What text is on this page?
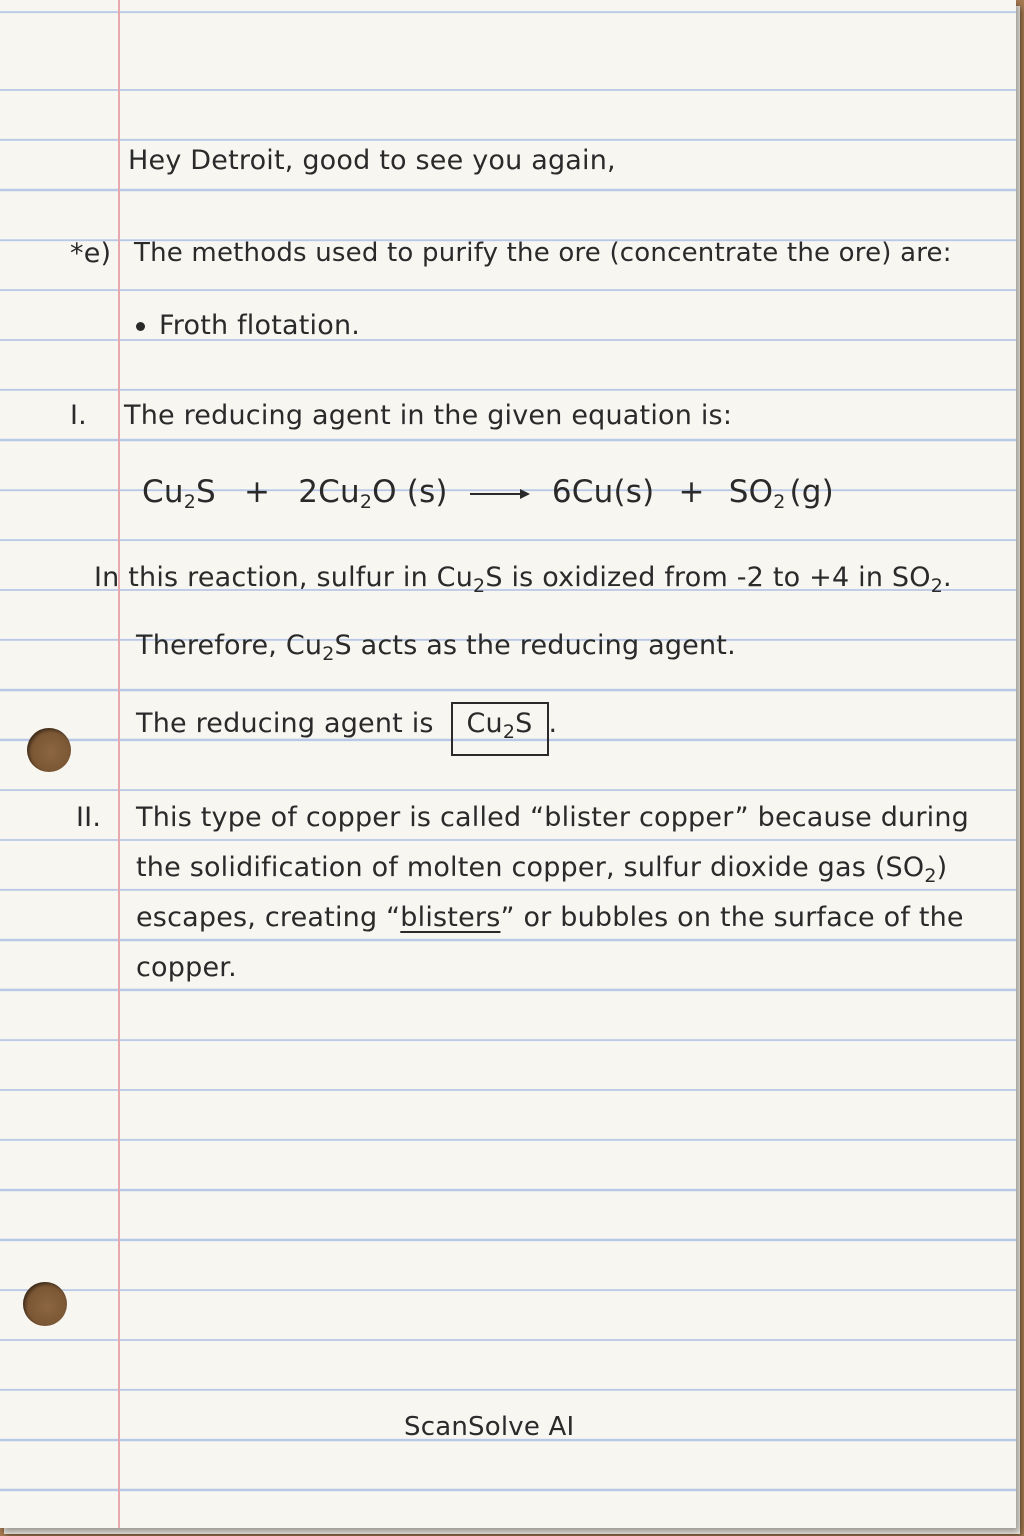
Hey Detroit, good to see you again,
*e) The methods used to purify the ore (concentrate the ore) are:
Froth flotation.
I. The reducing agent in the given equation is:
$Cu_2S + 2Cu_2O$ $(s) \to 6Cu(s) + SO_2$ (g)
In this reaction, sulfur in $Cu_2S$ is oxidized from -2 to +4 in $SO_2$.
Therefore, $Cu_2S$ acts as the reducing agent.
The reducing agent is $Cu_2S$ .
II. This type of copper is called “blister copper” because during
the solidification of molten copper, sulfur dioxide gas $(SO_2)$
escapes, creating “blisters” or bubbles on the surface of the
copper.
ScanSolve AI
